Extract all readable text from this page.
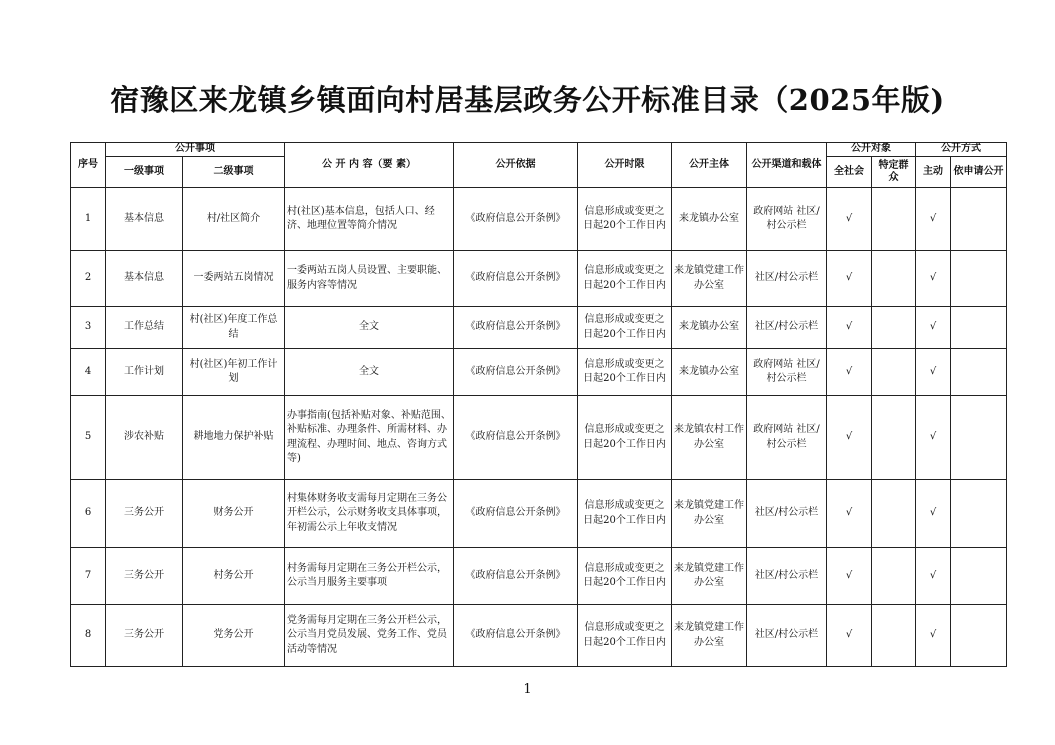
宿豫区来龙镇乡镇面向村居基层政务公开标准目录（2025年版)
序号	公开事项		公 开 内 容（要 素）	公开依据	公开时限	公开主体	公开渠道和载体	公开对象		公开方式	
	一级事项	二级事项						全社会	特定群众	主动	依申请公开
1	基本信息	村/社区简介	村(社区)基本信息，包括人口、经济、地理位置等简介情况	《政府信息公开条例》	信息形成或变更之日起20个工作日内	来龙镇办公室	政府网站 社区/村公示栏	√		√	
2	基本信息	一委两站五岗情况	一委两站五岗人员设置、主要职能、服务内容等情况	《政府信息公开条例》	信息形成或变更之日起20个工作日内	来龙镇党建工作办公室	社区/村公示栏	√		√	
3	工作总结	村(社区)年度工作总结	全文	《政府信息公开条例》	信息形成或变更之日起20个工作日内	来龙镇办公室	社区/村公示栏	√		√	
4	工作计划	村(社区)年初工作计划	全文	《政府信息公开条例》	信息形成或变更之日起20个工作日内	来龙镇办公室	政府网站 社区/村公示栏	√		√	
5	涉农补贴	耕地地力保护补贴	办事指南(包括补贴对象、补贴范围、补贴标准、办理条件、所需材料、办理流程、办理时间、地点、咨询方式等)	《政府信息公开条例》	信息形成或变更之日起20个工作日内	来龙镇农村工作办公室	政府网站 社区/村公示栏	√		√	
6	三务公开	财务公开	村集体财务收支需每月定期在三务公开栏公示，公示财务收支具体事项，年初需公示上年收支情况	《政府信息公开条例》	信息形成或变更之日起20个工作日内	来龙镇党建工作办公室	社区/村公示栏	√		√	
7	三务公开	村务公开	村务需每月定期在三务公开栏公示，公示当月服务主要事项	《政府信息公开条例》	信息形成或变更之日起20个工作日内	来龙镇党建工作办公室	社区/村公示栏	√		√	
8	三务公开	党务公开	党务需每月定期在三务公开栏公示，公示当月党员发展、党务工作、党员活动等情况	《政府信息公开条例》	信息形成或变更之日起20个工作日内	来龙镇党建工作办公室	社区/村公示栏	√		√	
1
